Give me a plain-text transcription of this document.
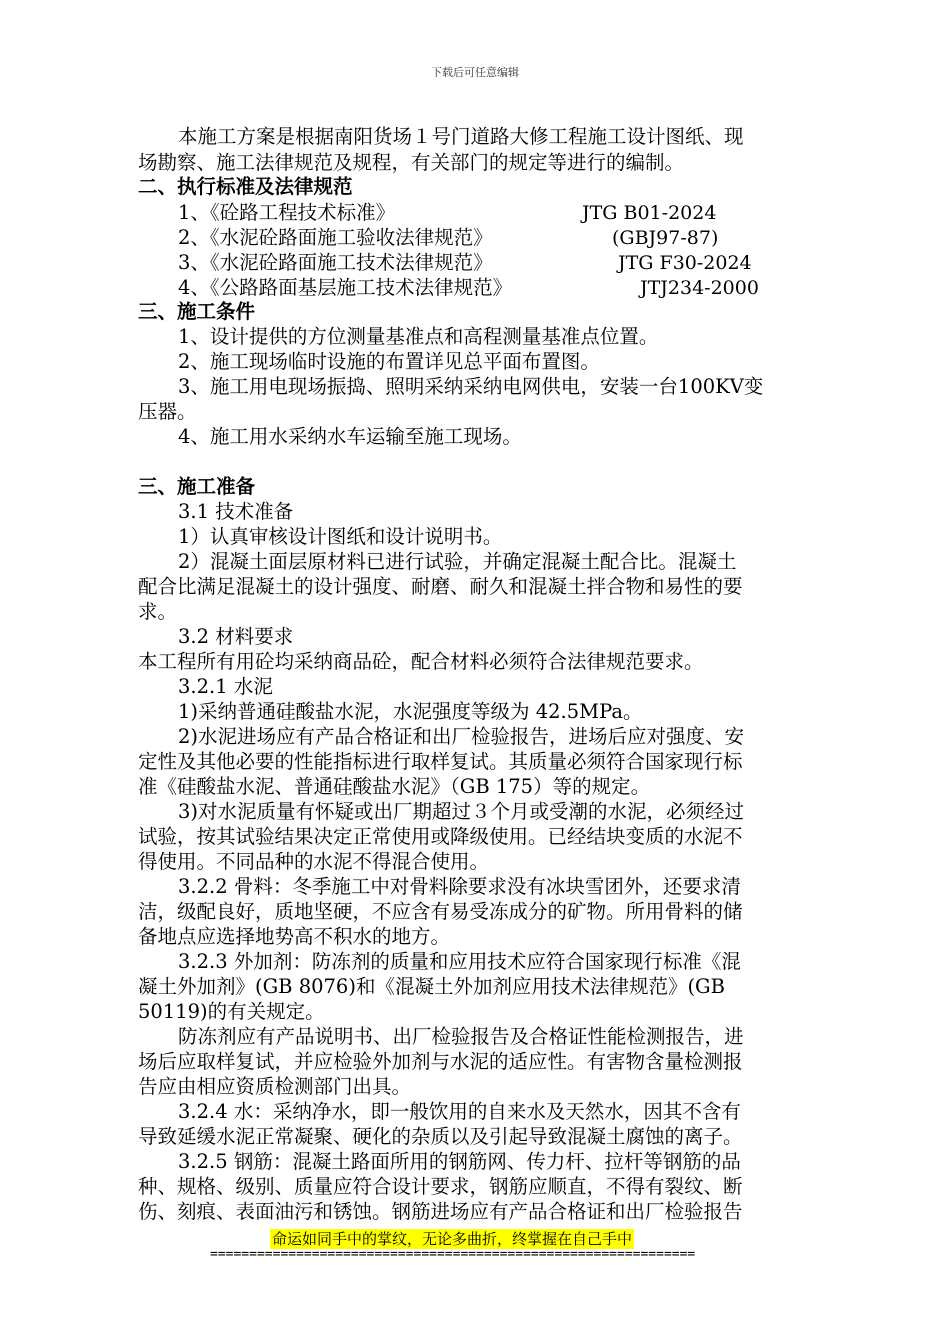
下载后可任意编辑
本施工方案是根据南阳货场１号门道路大修工程施工设计图纸、现
场勘察、施工法律规范及规程，有关部门的规定等进行的编制。
二、执行标准及法律规范
1、《砼路工程技术标准》	JTG B01-2024
2、《水泥砼路面施工验收法律规范》	(GBJ97-87)
3、《水泥砼路面施工技术法律规范》	JTG F30-2024
4、《公路路面基层施工技术法律规范》	JTJ234-2000
三、施工条件
1、设计提供的方位测量基准点和高程测量基准点位置。
2、施工现场临时设施的布置详见总平面布置图。
3、施工用电现场振捣、照明采纳采纳电网供电，安装一台100KV变
压器。
4、施工用水采纳水车运输至施工现场。
三、施工准备
3.1 技术准备
1）认真审核设计图纸和设计说明书。
2）混凝土面层原材料已进行试验，并确定混凝土配合比。混凝土
配合比满足混凝土的设计强度、耐磨、耐久和混凝土拌合物和易性的要
求。
3.2 材料要求
本工程所有用砼均采纳商品砼，配合材料必须符合法律规范要求。
3.2.1 水泥
1)采纳普通硅酸盐水泥，水泥强度等级为 42.5MPa。
2)水泥进场应有产品合格证和出厂检验报告，进场后应对强度、安
定性及其他必要的性能指标进行取样复试。其质量必须符合国家现行标
准《硅酸盐水泥、普通硅酸盐水泥》（GB 175）等的规定。
3)对水泥质量有怀疑或出厂期超过３个月或受潮的水泥，必须经过
试验，按其试验结果决定正常使用或降级使用。已经结块变质的水泥不
得使用。不同品种的水泥不得混合使用。
3.2.2 骨料：冬季施工中对骨料除要求没有冰块雪团外，还要求清
洁，级配良好，质地坚硬，不应含有易受冻成分的矿物。所用骨料的储
备地点应选择地势高不积水的地方。
3.2.3 外加剂：防冻剂的质量和应用技术应符合国家现行标准《混
凝土外加剂》(GB 8076)和《混凝土外加剂应用技术法律规范》(GB
50119)的有关规定。
防冻剂应有产品说明书、出厂检验报告及合格证性能检测报告，进
场后应取样复试，并应检验外加剂与水泥的适应性。有害物含量检测报
告应由相应资质检测部门出具。
3.2.4 水：采纳净水，即一般饮用的自来水及天然水，因其不含有
导致延缓水泥正常凝聚、硬化的杂质以及引起导致混凝土腐蚀的离子。
3.2.5 钢筋：混凝土路面所用的钢筋网、传力杆、拉杆等钢筋的品
种、规格、级别、质量应符合设计要求，钢筋应顺直，不得有裂纹、断
伤、刻痕、表面油污和锈蚀。钢筋进场应有产品合格证和出厂检验报告
命运如同手中的掌纹，无论多曲折，终掌握在自己手中
==============================================================
